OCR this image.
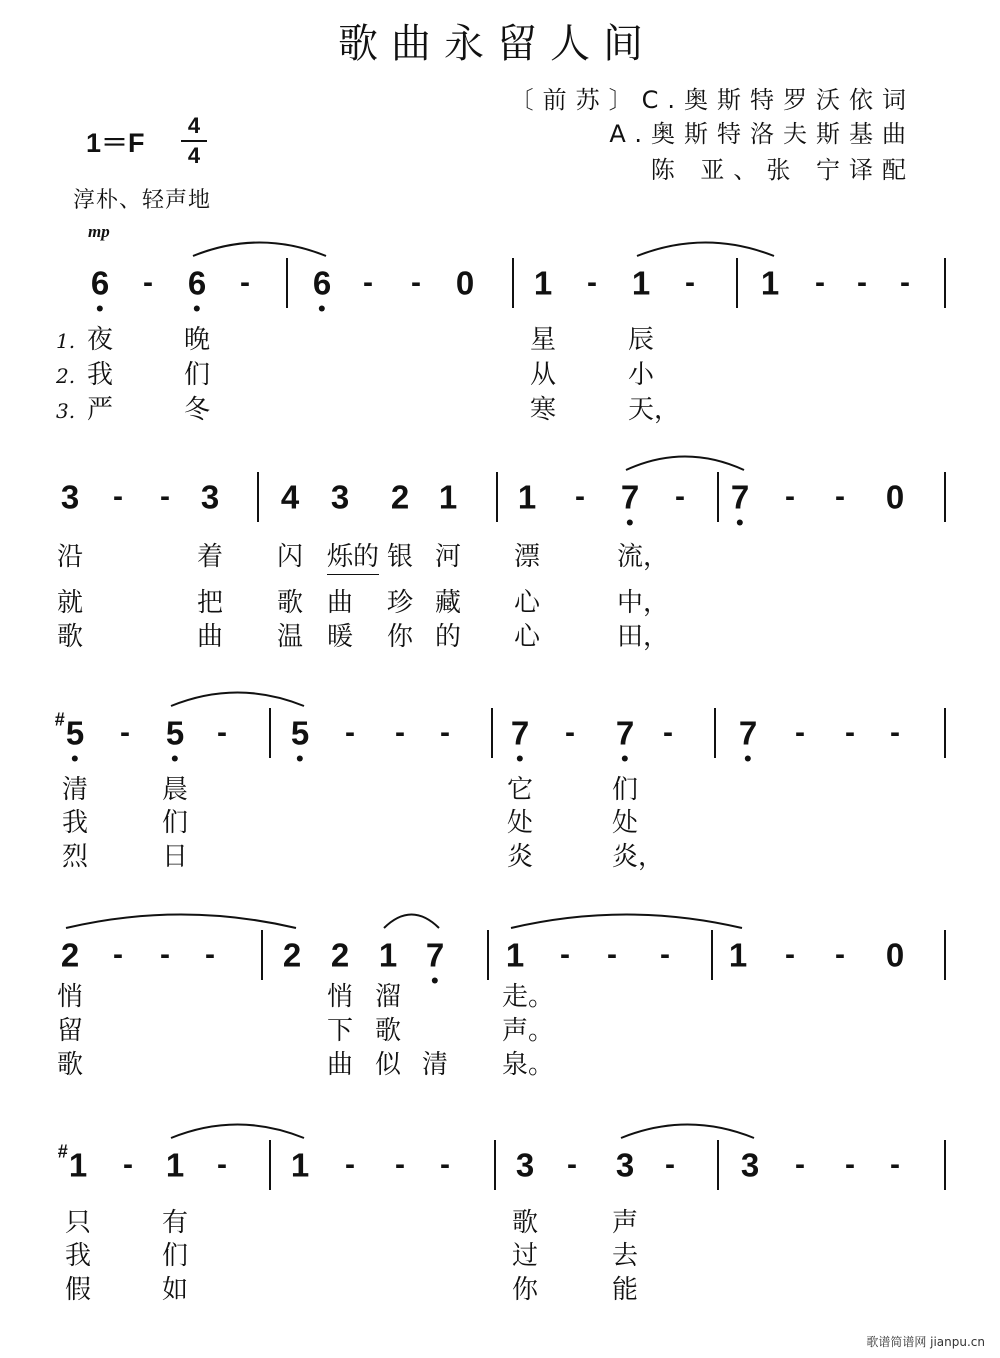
歌曲永留人间
〔前苏〕C.奥斯特罗沃依词
A.奥斯特洛夫斯基曲
陈 亚、张 宁译配
1＝F
4
4
淳朴、轻声地
mp
6 - 6 - 6 - - 0 1 - 1 - 1 - - -
1. 夜	晚	星	辰
2. 我	们	从	小
3. 严	冬	寒	天，
3 - - 3 4 3 2 1 1 - 7 - 7 - - 0
沿	着 闪 烁的 银 河 漂	流，
就	把 歌 曲 珍 藏 心	中，
歌	曲 温 暖 你 的 心	田，
# 5 - 5 - 5 - - - 7 - 7 - 7 - - -
清	晨	它	们
我	们	处	处
烈	日	炎	炎，
2 - - - 2 2 1 7 1 - - - 1 - - 0
悄	悄 溜	走。
留	下 歌	声。
歌	曲 似 清 泉。
# 1 - 1 - 1 - - - 3 - 3 - 3 - - -
只	有	歌	声
我	们	过	去
假	如	你	能
歌谱简谱网 jianpu.cn
